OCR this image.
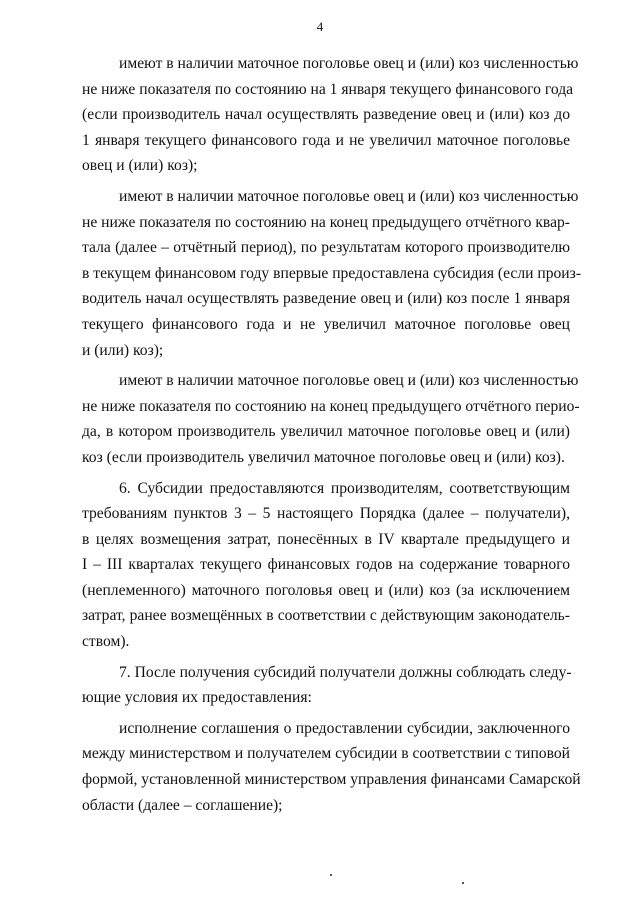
4
имеют в наличии маточное поголовье овец и (или) коз численностью
не ниже показателя по состоянию на 1 января текущего финансового года
(если производитель начал осуществлять разведение овец и (или) коз до
1 января текущего финансового года и не увеличил маточное поголовье
овец и (или) коз);
имеют в наличии маточное поголовье овец и (или) коз численностью
не ниже показателя по состоянию на конец предыдущего отчётного квар-
тала (далее – отчётный период), по результатам которого производителю
в текущем финансовом году впервые предоставлена субсидия (если произ-
водитель начал осуществлять разведение овец и (или) коз после 1 января
текущего финансового года и не увеличил маточное поголовье овец
и (или) коз);
имеют в наличии маточное поголовье овец и (или) коз численностью
не ниже показателя по состоянию на конец предыдущего отчётного перио-
да, в котором производитель увеличил маточное поголовье овец и (или)
коз (если производитель увеличил маточное поголовье овец и (или) коз).
6. Субсидии предоставляются производителям, соответствующим
требованиям пунктов 3 – 5 настоящего Порядка (далее – получатели),
в целях возмещения затрат, понесённых в IV квартале предыдущего и
I – III кварталах текущего финансовых годов на содержание товарного
(неплеменного) маточного поголовья овец и (или) коз (за исключением
затрат, ранее возмещённых в соответствии с действующим законодатель-
ством).
7. После получения субсидий получатели должны соблюдать следу-
ющие условия их предоставления:
исполнение соглашения о предоставлении субсидии, заключенного
между министерством и получателем субсидии в соответствии с типовой
формой, установленной министерством управления финансами Самарской
области (далее – соглашение);
